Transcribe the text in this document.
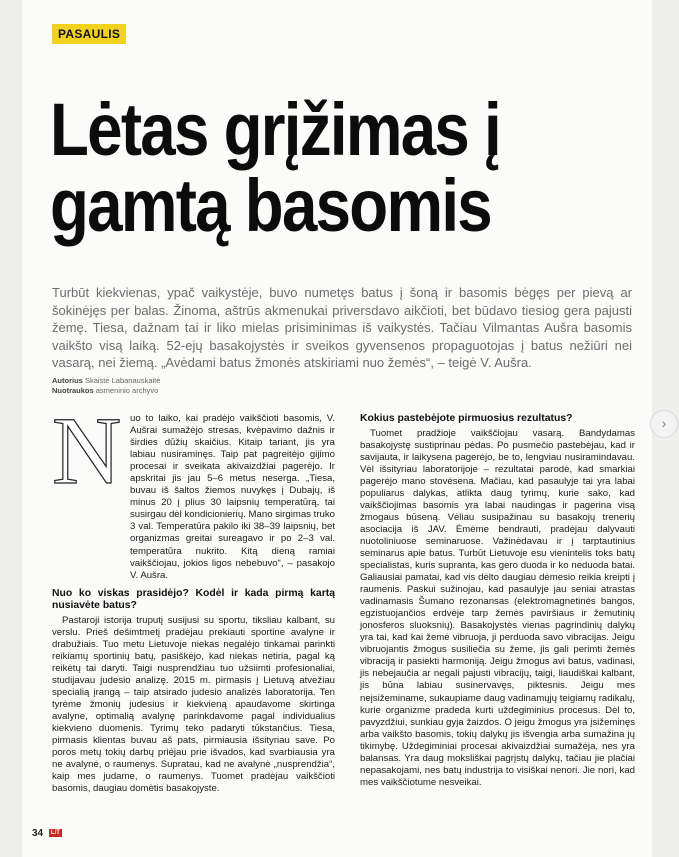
PASAULIS
Lėtas grįžimas į
gamtą basomis

Turbūt kiekvienas, ypač vaikystėje, buvo numetęs batus į šoną ir basomis bėgęs per pievą ar šokinėjęs per balas. Žinoma, aštrūs akmenukai priversdavo aikčioti, bet būdavo tiesiog gera pajusti žemę. Tiesa, dažnam tai ir liko mielas prisiminimas iš vaikystės. Tačiau Vilmantas Aušra basomis vaikšto visą laiką. 52-ejų basakojystės ir sveikos gyvensenos propaguotojas į batus nežiūri nei vasarą, nei žiemą. „Avėdami batus žmonės atskiriami nuo žemės“, – teigė V. Aušra.

Autorius Skaistė Labanauskaitė
Nuotraukos asmeninio archyvo
N uo to laiko, kai pradėjo vaikščioti basomis, V. Aušrai sumažėjo stresas, kvėpavimo dažnis ir širdies dūžių skaičius. Kitaip tariant, jis yra labiau nusiraminęs. Taip pat pagreitėjo gijimo procesai ir sveikata akivaizdžiai pagerėjo. Ir apskritai jis jau 5–6 metus neserga. „Tiesa, buvau iš šaltos žiemos nuvykęs į Dubajų, iš minus 20 į plius 30 laipsnių temperatūrą, tai susirgau dėl kondicionierių. Mano sirgimas truko 3 val. Temperatūra pakilo iki 38–39 laipsnių, bet organizmas greitai sureagavo ir po 2–3 val. temperatūra nukrito. Kitą dieną ramiai vaikščiojau, jokios ligos nebebuvo“, – pasakojo V. Aušra.

Nuo ko viskas prasidėjo? Kodėl ir kada pirmą kartą nusiavėte batus?

Pastaroji istorija truputį susijusi su sportu, tiksliau kalbant, su verslu. Prieš dešimtmetį pradėjau prekiauti sportine avalyne ir drabužiais. Tuo metu Lietuvoje niekas negalėjo tinkamai parinkti reikiamų sportinių batų, pasiškėjo, kad niekas netiria, pagal ką reikėtų tai daryti. Taigi nusprendžiau tuo užsiimti profesionaliai, studijavau judesio analizę. 2015 m. pirmasis į Lietuvą atvežiau specialią įrangą – taip atsirado judesio analizės laboratorija. Ten tyrėme žmonių judesius ir kiekvieną apaudavome skirtinga avalyne, optimalią avalynę parinkdavome pagal individualius kiekvieno duomenis. Tyrimų teko padaryti tūkstančius. Tiesa, pirmasis klientas buvau aš pats, pirmiausia išsityriau save. Po poros metų tokių darbų priėjau prie išvados, kad svarbiausia yra ne avalynė, o raumenys. Supratau, kad ne avalynė „nusprendžia“, kaip mes judame, o raumenys. Tuomet pradėjau vaikščioti basomis, daugiau domėtis basakojyste.

Kokius pastebėjote pirmuosius rezultatus?

Tuomet pradžioje vaikščiojau vasarą. Bandydamas basakojystę sustiprinau pėdas. Po pusmečio pastebėjau, kad ir savijauta, ir laikysena pagerėjo, be to, lengviau nusiramindavau. Vėl išsityriau laboratorijoje – rezultatai parodė, kad smarkiai pagerėjo mano stovėsena. Mačiau, kad pasaulyje tai yra labai populiarus dalykas, atlikta daug tyrimų, kurie sako, kad vaikščiojimas basomis yra labai naudingas ir pagerina visą žmogaus būseną. Vėliau susipažinau su basakojų trenerių asociacija iš JAV. Ėmėme bendrauti, pradėjau dalyvauti nuotoliniuose seminaruose. Važinėdavau ir į tarptautinius seminarus apie batus. Turbūt Lietuvoje esu vienintelis toks batų specialistas, kuris supranta, kas gero duoda ir ko neduoda batai. Galiausiai pamatai, kad vis dėlto daugiau dėmesio reikia kreipti į raumenis. Paskui sužinojau, kad pasaulyje jau seniai atrastas vadinamasis Šumano rezonansas (elektromagnetinės bangos, egzistuojančios erdvėje tarp žemės paviršiaus ir žemutinių jonosferos sluoksnių). Basakojystės vienas pagrindinių dalykų yra tai, kad kai žemė vibruoja, ji perduoda savo vibracijas. Jeigu vibruojantis žmogus susiliečia su žeme, jis gali perimti žemės vibraciją ir pasiekti harmoniją. Jeigu žmogus avi batus, vadinasi, jis nebejaučia ar negali pajusti vibracijų, taigi, liaudiškai kalbant, jis būna labiau susinervavęs, piktesnis. Jeigu mes neįsižeminame, sukaupiame daug vadinamųjų teigiamų radikalų, kurie organizme pradeda kurti uždegiminius procesus. Dėl to, pavyzdžiui, sunkiau gyja žaizdos. O jeigu žmogus yra įsižeminęs arba vaikšto basomis, tokių dalykų jis išvengia arba sumažina jų tikimybę. Uždegiminiai procesai akivaizdžiai sumažėja, nes yra balansas. Yra daug moksliškai pagrįstų dalykų, tačiau jie plačiai nepasakojami, nes batų industrija to visiškai nenori. Jie nori, kad mes vaikščiotume nesveikai.

34 L/T
›
